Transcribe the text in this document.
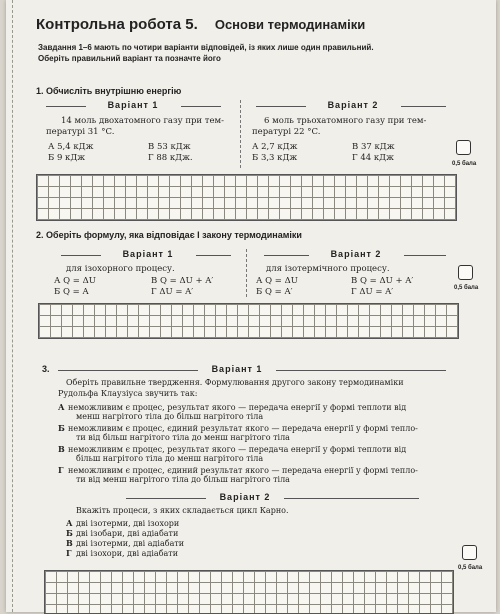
Контрольна робота 5. Основи термодинаміки
Завдання 1–6 мають по чотири варіанти відповідей, із яких лише один правильний.
Оберіть правильний варіант та позначте його
1. Обчисліть внутрішню енергію
Варіант 1	Варіант 2
14 моль двохатомного газу при тем-
пературі 31 °C.
А 5,4 кДж
Б 9 кДж
В 53 кДж
Г 88 кДж.
6 моль трьохатомного газу при тем-
пературі 22 °C.
А 2,7 кДж
Б 3,3 кДж
В 37 кДж
Г 44 кДж
0,5 бала
2. Оберіть формулу, яка відповідає І закону термодинаміки
Варіант 1	Варіант 2
для ізохорного процесу.
А Q = ΔU
Б Q = A
В Q = ΔU + A′
Г ΔU = A′
для ізотермічного процесу.
А Q = ΔU
Б Q = A′
В Q = ΔU + A′
Г ΔU = A′	0,5 бала
3.	Варіант 1
Оберіть правильне твердження. Формулювання другого закону термодинаміки
Рудольфа Клаузіуса звучить так:
А неможливим є процес, результат якого — передача енергії у формі теплоти від
менш нагрітого тіла до більш нагрітого тіла
Б неможливим є процес, єдиний результат якого — передача енергії у формі тепло-
ти від більш нагрітого тіла до менш нагрітого тіла
В неможливим є процес, результат якого — передача енергії у формі теплоти від
більш нагрітого тіла до менш нагрітого тіла
Г неможливим є процес, єдиний результат якого — передача енергії у формі тепло-
ти від менш нагрітого тіла до більш нагрітого тіла
Варіант 2
Вкажіть процеси, з яких складається цикл Карно.
А дві ізотерми, дві ізохори
Б дві ізобари, дві адіабати
В дві ізотерми, дві адіабати
Г дві ізохори, дві адіабати
0,5 бала
